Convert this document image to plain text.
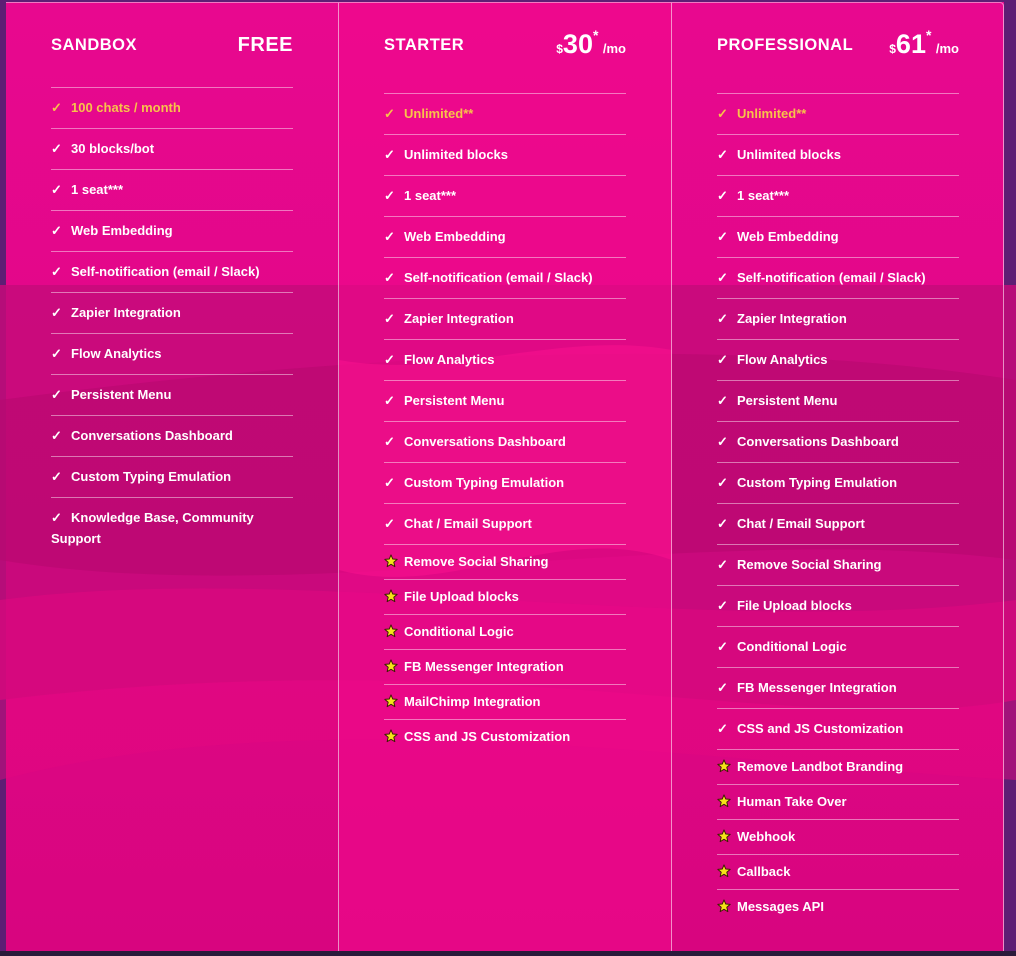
SANDBOX	FREE
✓ 100 chats / month
✓ 30 blocks/bot
✓ 1 seat***
✓ Web Embedding
✓ Self-notification (email / Slack)
✓ Zapier Integration
✓ Flow Analytics
✓ Persistent Menu
✓ Conversations Dashboard
✓ Custom Typing Emulation
✓ Knowledge Base, Community Support
STARTER	$30* /mo
✓ Unlimited**
✓ Unlimited blocks
✓ 1 seat***
✓ Web Embedding
✓ Self-notification (email / Slack)
✓ Zapier Integration
✓ Flow Analytics
✓ Persistent Menu
✓ Conversations Dashboard
✓ Custom Typing Emulation
✓ Chat / Email Support
Remove Social Sharing
File Upload blocks
Conditional Logic
FB Messenger Integration
MailChimp Integration
CSS and JS Customization
PROFESSIONAL	$61* /mo
✓ Unlimited**
✓ Unlimited blocks
✓ 1 seat***
✓ Web Embedding
✓ Self-notification (email / Slack)
✓ Zapier Integration
✓ Flow Analytics
✓ Persistent Menu
✓ Conversations Dashboard
✓ Custom Typing Emulation
✓ Chat / Email Support
✓ Remove Social Sharing
✓ File Upload blocks
✓ Conditional Logic
✓ FB Messenger Integration
✓ CSS and JS Customization
Remove Landbot Branding
Human Take Over
Webhook
Callback
Messages API
